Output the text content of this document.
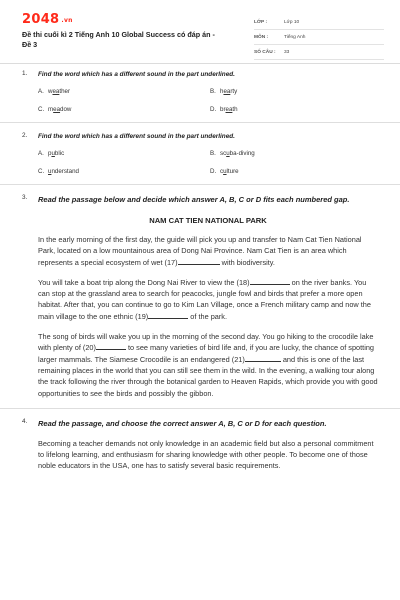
2048 .vn
Đề thi cuối kì 2 Tiếng Anh 10 Global Success có đáp án -
Đề 3
LỚP :	Lớp 10
MÔN :	Tiếng Anh
SỐ CÂU :	33
1. Find the word which has a different sound in the part underlined.
A. weather	B. hearty
C. meadow	D. breath
2. Find the word which has a different sound in the part underlined.
A. public	B. scuba-diving
C. understand	D. culture
3. Read the passage below and decide which answer A, B, C or D fits each numbered gap.
NAM CAT TIEN NATIONAL PARK

In the early morning of the first day, the guide will pick you up and transfer to Nam Cat Tien National Park, located on a low mountainous area of Dong Nai Province. Nam Cat Tien is an area which represents a special ecosystem of wet (17)	with biodiversity.

You will take a boat trip along the Dong Nai River to view the (18)	on the river banks. You can stop at the grassland area to search for peacocks, jungle fowl and birds that prefer a more open habitat. After that, you can continue to go to Kim Lan Village, once a French military camp and now the main village to the one ethnic (19)	of the park.

The song of birds will wake you up in the morning of the second day. You go hiking to the crocodile lake with plenty of (20)	to see many varieties of bird life and, if you are lucky, the chance of spotting larger mammals. The Siamese Crocodile is an endangered (21)	and this is one of the last remaining places in the world that you can still see them in the wild. In the evening, a walking tour along the track following the river through the botanical garden to Heaven Rapids, which provide you with good opportunities to see the birds and possibly the gibbon.

4. Read the passage, and choose the correct answer A, B, C or D for each question.

Becoming a teacher demands not only knowledge in an academic field but also a personal commitment to lifelong learning, and enthusiasm for sharing knowledge with other people. To become one of those noble educators in the USA, one has to satisfy several basic requirements.
